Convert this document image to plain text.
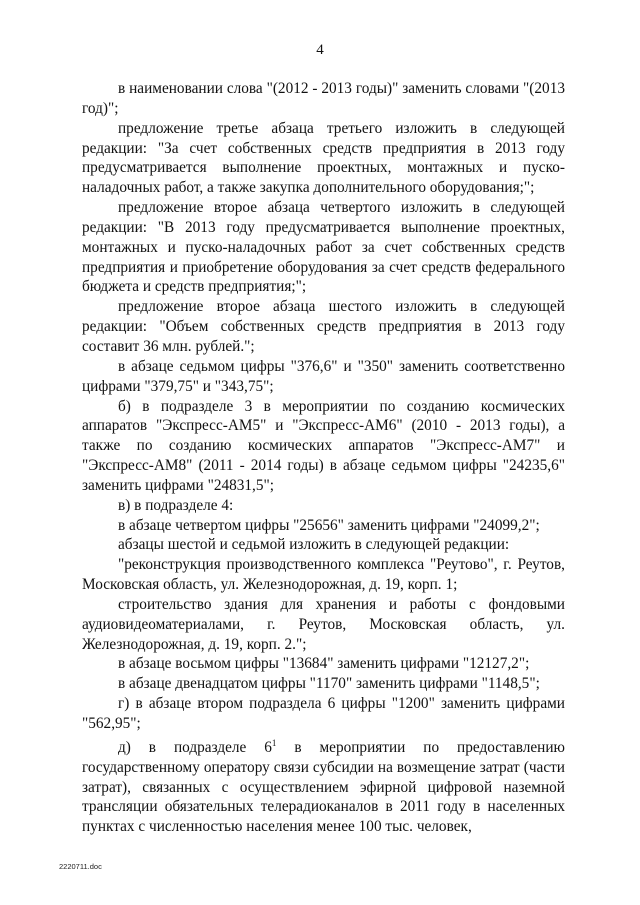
4

в наименовании слова "(2012 - 2013 годы)" заменить словами "(2013 год)";

предложение третье абзаца третьего изложить в следующей редакции: "За счет собственных средств предприятия в 2013 году предусматривается выполнение проектных, монтажных и пуско-наладочных работ, а также закупка дополнительного оборудования;";

предложение второе абзаца четвертого изложить в следующей редакции: "В 2013 году предусматривается выполнение проектных, монтажных и пуско-наладочных работ за счет собственных средств предприятия и приобретение оборудования за счет средств федерального бюджета и средств предприятия;";

предложение второе абзаца шестого изложить в следующей редакции: "Объем собственных средств предприятия в 2013 году составит 36 млн. рублей.";

в абзаце седьмом цифры "376,6" и "350" заменить соответственно цифрами "379,75" и "343,75";

б) в подразделе 3 в мероприятии по созданию космических аппаратов "Экспресс-АМ5" и "Экспресс-АМ6" (2010 - 2013 годы), а также по созданию космических аппаратов "Экспресс-АМ7" и "Экспресс-АМ8" (2011 - 2014 годы) в абзаце седьмом цифры "24235,6" заменить цифрами "24831,5";

в) в подразделе 4:

в абзаце четвертом цифры "25656" заменить цифрами "24099,2";

абзацы шестой и седьмой изложить в следующей редакции:

"реконструкция производственного комплекса "Реутово", г. Реутов, Московская область, ул. Железнодорожная, д. 19, корп. 1;

строительство здания для хранения и работы с фондовыми аудиовидеоматериалами, г. Реутов, Московская область, ул. Железнодорожная, д. 19, корп. 2.";

в абзаце восьмом цифры "13684" заменить цифрами "12127,2";

в абзаце двенадцатом цифры "1170" заменить цифрами "1148,5";

г) в абзаце втором подраздела 6 цифры "1200" заменить цифрами "562,95";

д) в подразделе $6^1$ в мероприятии по предоставлению государственному оператору связи субсидии на возмещение затрат (части затрат), связанных с осуществлением эфирной цифровой наземной трансляции обязательных телерадиоканалов в 2011 году в населенных пунктах с численностью населения менее 100 тыс. человек,

2220711.doc
